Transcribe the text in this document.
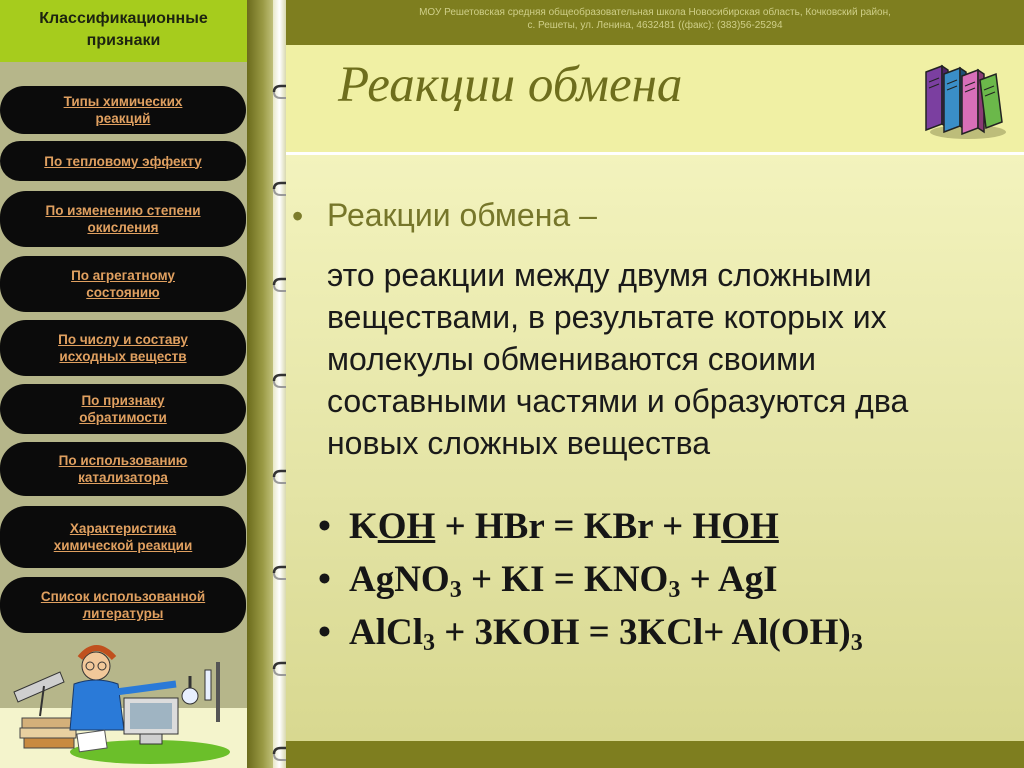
Классификационные
признаки
Типы химических
реакций
По тепловому эффекту
По изменению степени
окисления
По агрегатному
состоянию
По числу и составу
исходных веществ
По признаку
обратимости
По использованию
катализатора
Характеристика
химической реакции
Список использованной
литературы
МОУ Решетовская средняя общеобразовательная школа Новосибирская область, Кочковский район,
с. Решеты, ул. Ленина, 4632481 ((факс): (383)56-25294
Реакции обмена
• Реакции обмена –
это реакции между двумя сложными веществами, в результате которых их молекулы обмениваются своими составными частями и образуются два новых сложных вещества
• KOH + HBr = KBr + HOH
• AgNO$_3$ + KI = $KNO_3$ + AgI
• AlCl$_3$ + $3KOH = 3KCl+ Al(OH)_3$
